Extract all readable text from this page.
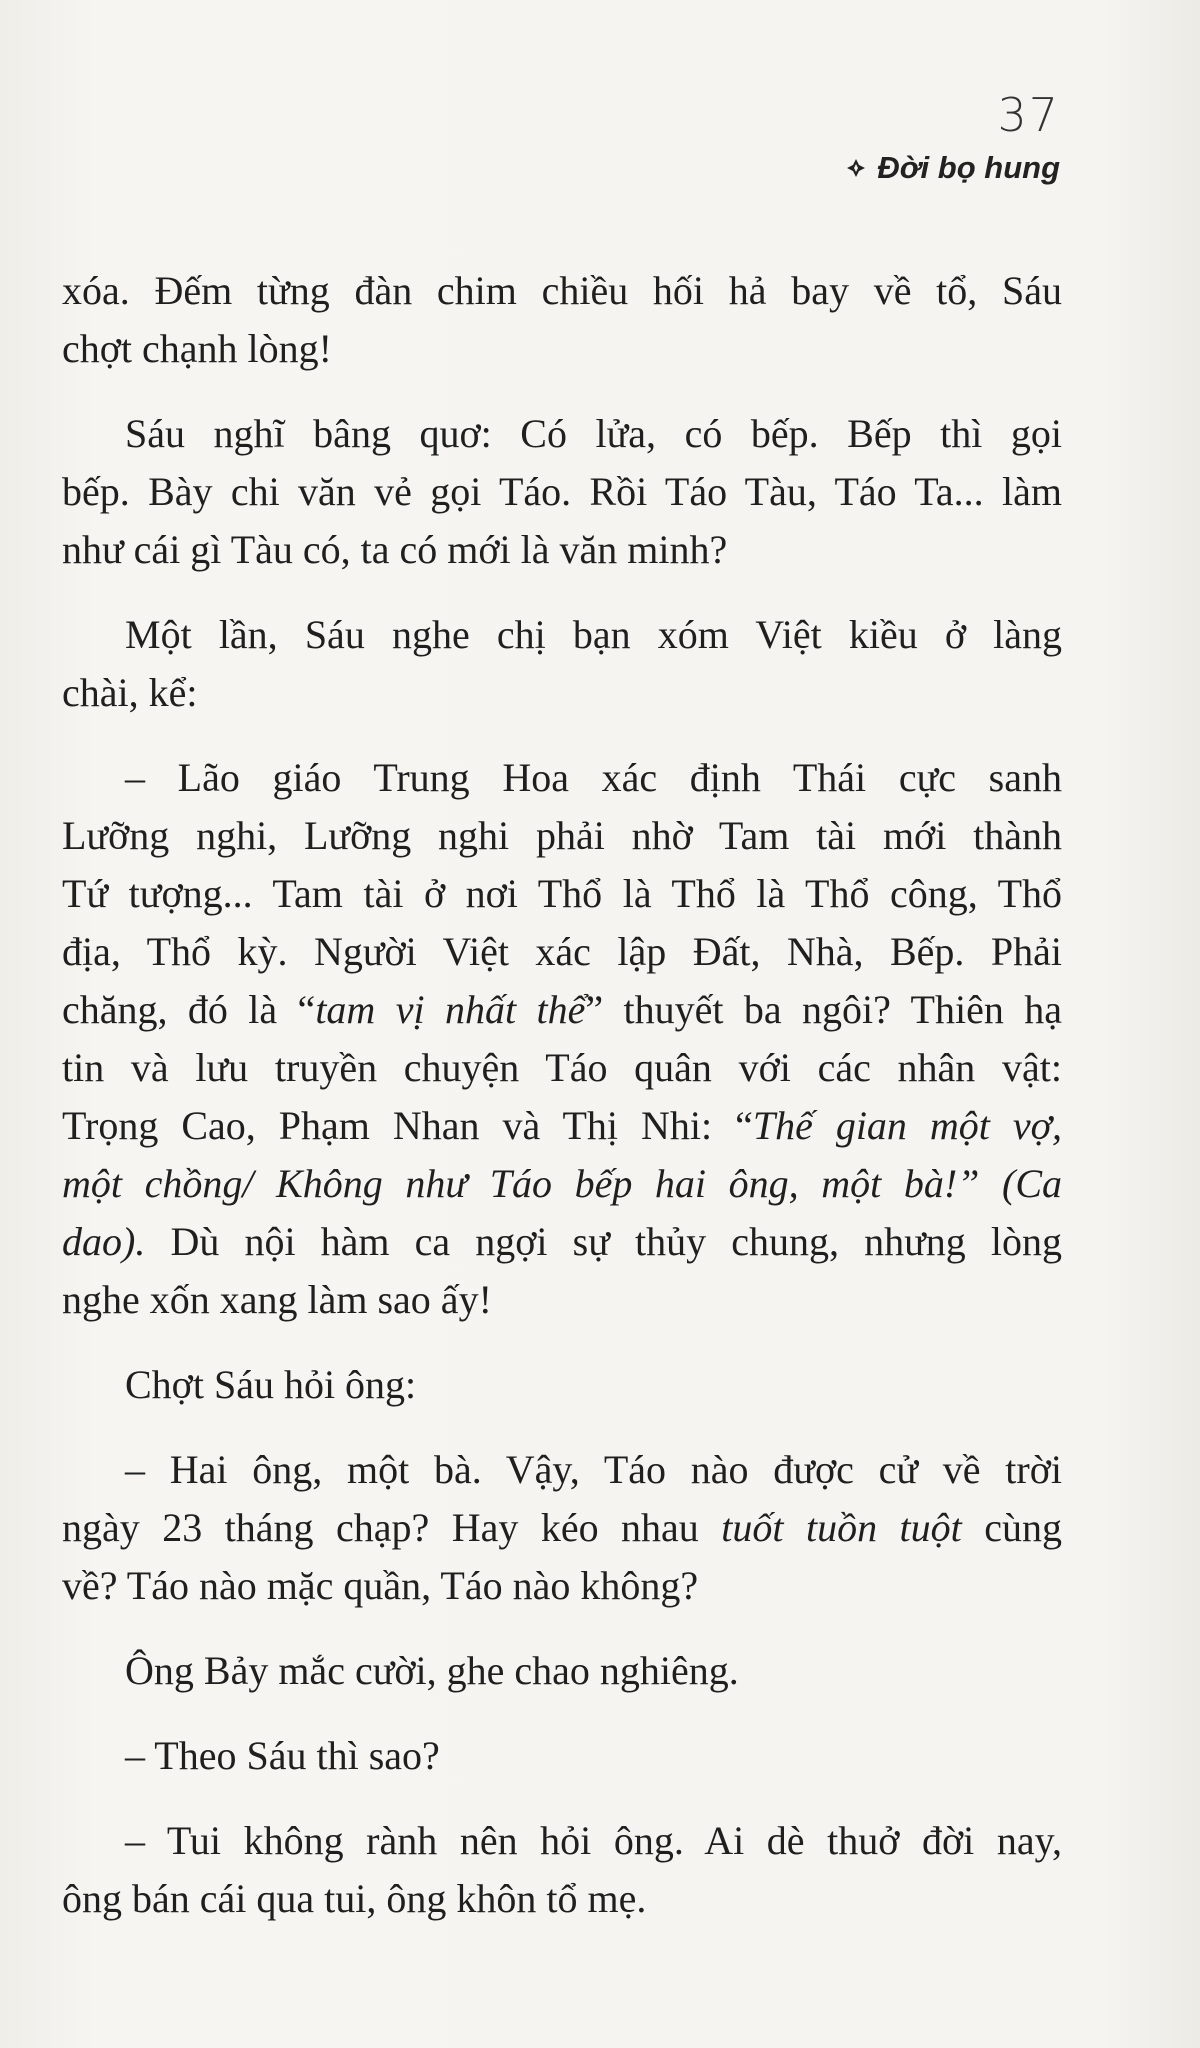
37
Đời bọ hung
xóa. Đếm từng đàn chim chiều hối hả bay về tổ, Sáu
chợt chạnh lòng!
Sáu nghĩ bâng quơ: Có lửa, có bếp. Bếp thì gọi
bếp. Bày chi văn vẻ gọi Táo. Rồi Táo Tàu, Táo Ta... làm
như cái gì Tàu có, ta có mới là văn minh?
Một lần, Sáu nghe chị bạn xóm Việt kiều ở làng
chài, kể:
– Lão giáo Trung Hoa xác định Thái cực sanh
Lưỡng nghi, Lưỡng nghi phải nhờ Tam tài mới thành
Tứ tượng... Tam tài ở nơi Thổ là Thổ là Thổ công, Thổ
địa, Thổ kỳ. Người Việt xác lập Đất, Nhà, Bếp. Phải
chăng, đó là “tam vị nhất thể” thuyết ba ngôi? Thiên hạ
tin và lưu truyền chuyện Táo quân với các nhân vật:
Trọng Cao, Phạm Nhan và Thị Nhi: “Thế gian một vợ,
một chồng/ Không như Táo bếp hai ông, một bà!” (Ca
dao). Dù nội hàm ca ngợi sự thủy chung, nhưng lòng
nghe xốn xang làm sao ấy!
Chợt Sáu hỏi ông:
– Hai ông, một bà. Vậy, Táo nào được cử về trời
ngày 23 tháng chạp? Hay kéo nhau tuốt tuồn tuột cùng
về? Táo nào mặc quần, Táo nào không?
Ông Bảy mắc cười, ghe chao nghiêng.
– Theo Sáu thì sao?
– Tui không rành nên hỏi ông. Ai dè thuở đời nay,
ông bán cái qua tui, ông khôn tổ mẹ.
